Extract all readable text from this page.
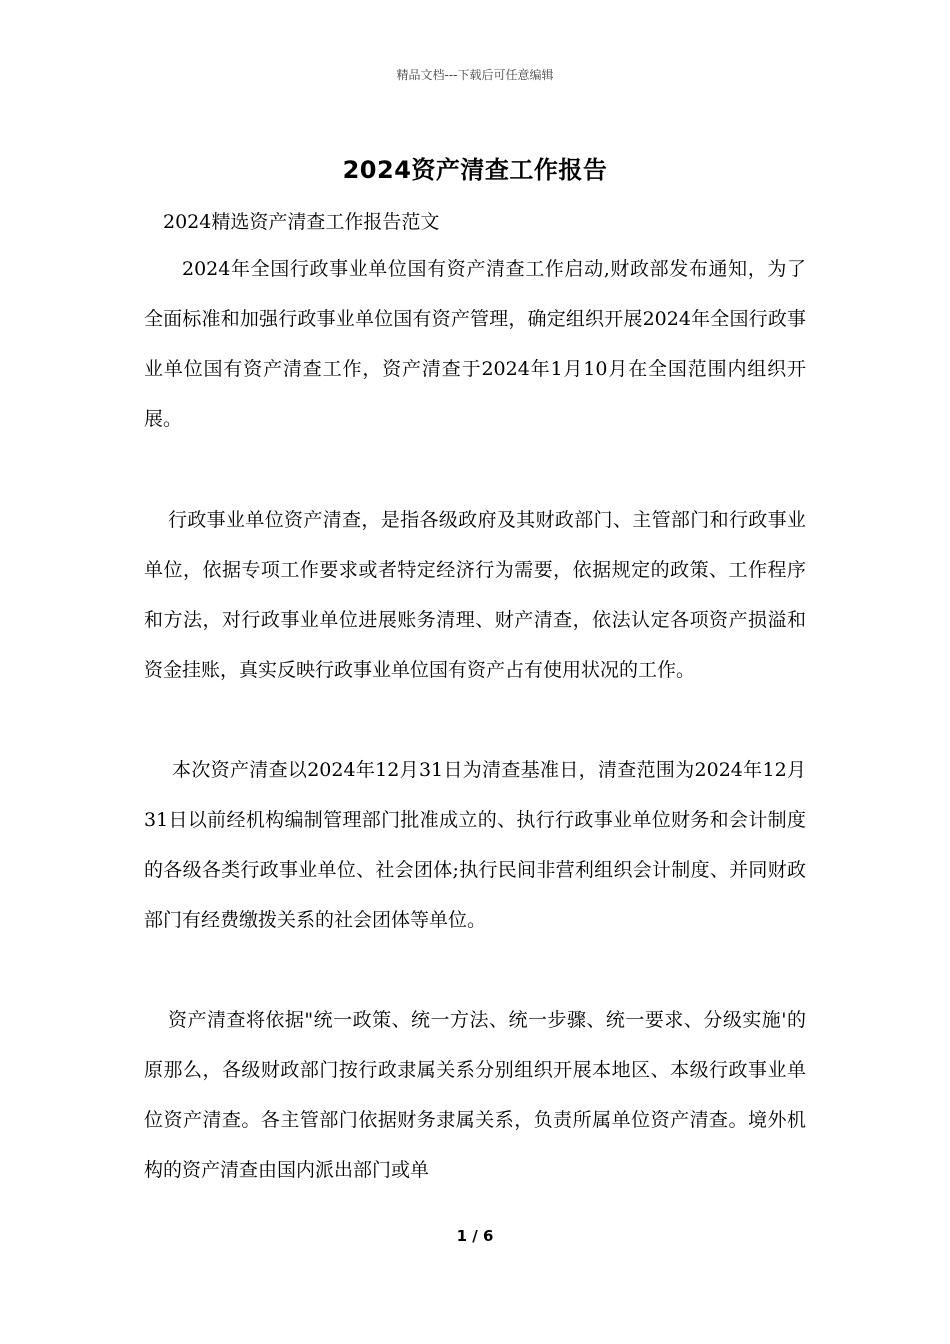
精品文档---下载后可任意编辑
2024资产清查工作报告
2024精选资产清查工作报告范文

2024年全国行政事业单位国有资产清查工作启动,财政部发布通知，为了全面标准和加强行政事业单位国有资产管理，确定组织开展2024年全国行政事业单位国有资产清查工作，资产清查于2024年1月10月在全国范围内组织开展。

行政事业单位资产清查，是指各级政府及其财政部门、主管部门和行政事业单位，依据专项工作要求或者特定经济行为需要，依据规定的政策、工作程序和方法，对行政事业单位进展账务清理、财产清查，依法认定各项资产损溢和资金挂账，真实反映行政事业单位国有资产占有使用状况的工作。

本次资产清查以2024年12月31日为清查基准日，清查范围为2024年12月31日以前经机构编制管理部门批准成立的、执行行政事业单位财务和会计制度的各级各类行政事业单位、社会团体;执行民间非营利组织会计制度、并同财政部门有经费缴拨关系的社会团体等单位。

资产清查将依据"统一政策、统一方法、统一步骤、统一要求、分级实施'的原那么，各级财政部门按行政隶属关系分别组织开展本地区、本级行政事业单位资产清查。各主管部门依据财务隶属关系，负责所属单位资产清查。境外机构的资产清查由国内派出部门或单

1 / 6
